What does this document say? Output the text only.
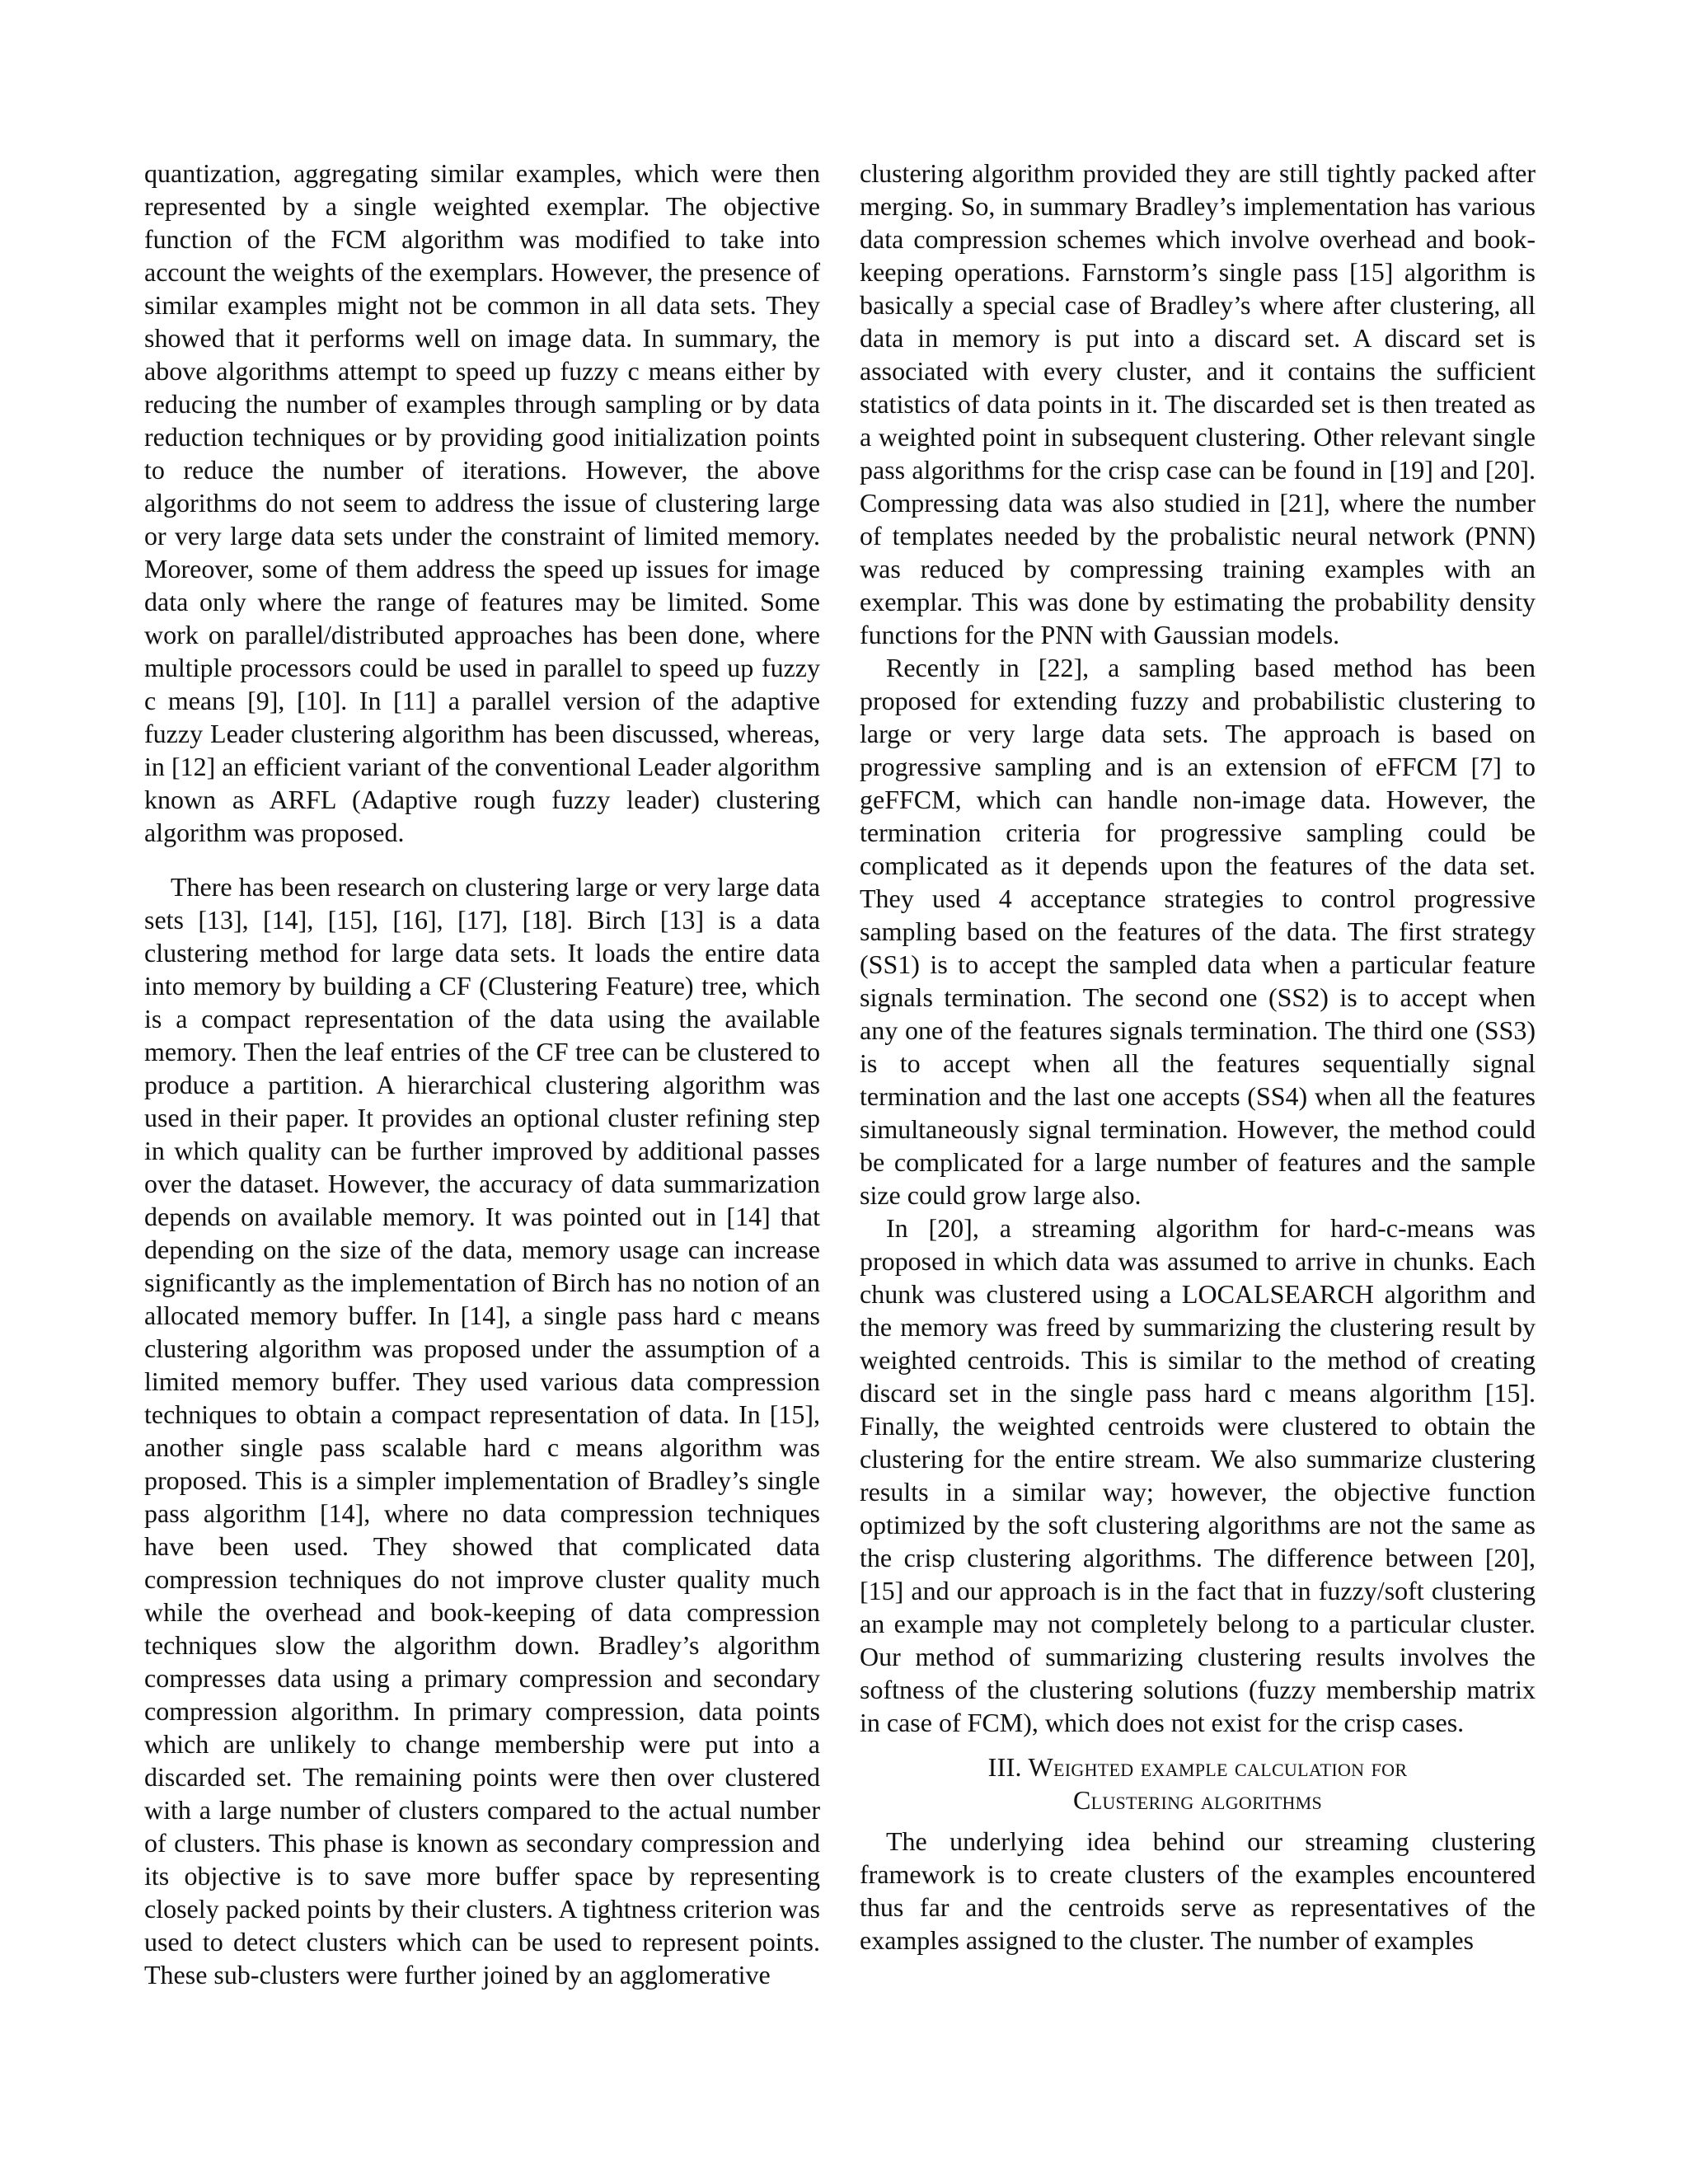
quantization, aggregating similar examples, which were then represented by a single weighted exemplar. The objective function of the FCM algorithm was modified to take into account the weights of the exemplars. However, the presence of similar examples might not be common in all data sets. They showed that it performs well on image data. In summary, the above algorithms attempt to speed up fuzzy c means either by reducing the number of examples through sampling or by data reduction techniques or by providing good initialization points to reduce the number of iterations. However, the above algorithms do not seem to address the issue of clustering large or very large data sets under the constraint of limited memory. Moreover, some of them address the speed up issues for image data only where the range of features may be limited. Some work on parallel/distributed approaches has been done, where multiple processors could be used in parallel to speed up fuzzy c means [9], [10]. In [11] a parallel version of the adaptive fuzzy Leader clustering algorithm has been discussed, whereas, in [12] an efficient variant of the conventional Leader algorithm known as ARFL (Adaptive rough fuzzy leader) clustering algorithm was proposed.

There has been research on clustering large or very large data sets [13], [14], [15], [16], [17], [18]. Birch [13] is a data clustering method for large data sets. It loads the entire data into memory by building a CF (Clustering Feature) tree, which is a compact representation of the data using the available memory. Then the leaf entries of the CF tree can be clustered to produce a partition. A hierarchical clustering algorithm was used in their paper. It provides an optional cluster refining step in which quality can be further improved by additional passes over the dataset. However, the accuracy of data summarization depends on available memory. It was pointed out in [14] that depending on the size of the data, memory usage can increase significantly as the implementation of Birch has no notion of an allocated memory buffer. In [14], a single pass hard c means clustering algorithm was proposed under the assumption of a limited memory buffer. They used various data compression techniques to obtain a compact representation of data. In [15], another single pass scalable hard c means algorithm was proposed. This is a simpler implementation of Bradley’s single pass algorithm [14], where no data compression techniques have been used. They showed that complicated data compression techniques do not improve cluster quality much while the overhead and book-keeping of data compression techniques slow the algorithm down. Bradley’s algorithm compresses data using a primary compression and secondary compression algorithm. In primary compression, data points which are unlikely to change membership were put into a discarded set. The remaining points were then over clustered with a large number of clusters compared to the actual number of clusters. This phase is known as secondary compression and its objective is to save more buffer space by representing closely packed points by their clusters. A tightness criterion was used to detect clusters which can be used to represent points. These sub-clusters were further joined by an agglomerative

clustering algorithm provided they are still tightly packed after merging. So, in summary Bradley’s implementation has various data compression schemes which involve overhead and book-keeping operations. Farnstorm’s single pass [15] algorithm is basically a special case of Bradley’s where after clustering, all data in memory is put into a discard set. A discard set is associated with every cluster, and it contains the sufficient statistics of data points in it. The discarded set is then treated as a weighted point in subsequent clustering. Other relevant single pass algorithms for the crisp case can be found in [19] and [20]. Compressing data was also studied in [21], where the number of templates needed by the probalistic neural network (PNN) was reduced by compressing training examples with an exemplar. This was done by estimating the probability density functions for the PNN with Gaussian models.

Recently in [22], a sampling based method has been proposed for extending fuzzy and probabilistic clustering to large or very large data sets. The approach is based on progressive sampling and is an extension of eFFCM [7] to geFFCM, which can handle non-image data. However, the termination criteria for progressive sampling could be complicated as it depends upon the features of the data set. They used 4 acceptance strategies to control progressive sampling based on the features of the data. The first strategy (SS1) is to accept the sampled data when a particular feature signals termination. The second one (SS2) is to accept when any one of the features signals termination. The third one (SS3) is to accept when all the features sequentially signal termination and the last one accepts (SS4) when all the features simultaneously signal termination. However, the method could be complicated for a large number of features and the sample size could grow large also.

In [20], a streaming algorithm for hard-c-means was proposed in which data was assumed to arrive in chunks. Each chunk was clustered using a LOCALSEARCH algorithm and the memory was freed by summarizing the clustering result by weighted centroids. This is similar to the method of creating discard set in the single pass hard c means algorithm [15]. Finally, the weighted centroids were clustered to obtain the clustering for the entire stream. We also summarize clustering results in a similar way; however, the objective function optimized by the soft clustering algorithms are not the same as the crisp clustering algorithms. The difference between [20], [15] and our approach is in the fact that in fuzzy/soft clustering an example may not completely belong to a particular cluster. Our method of summarizing clustering results involves the softness of the clustering solutions (fuzzy membership matrix in case of FCM), which does not exist for the crisp cases.

III. Weighted example calculation for
Clustering algorithms

The underlying idea behind our streaming clustering framework is to create clusters of the examples encountered thus far and the centroids serve as representatives of the examples assigned to the cluster. The number of examples
